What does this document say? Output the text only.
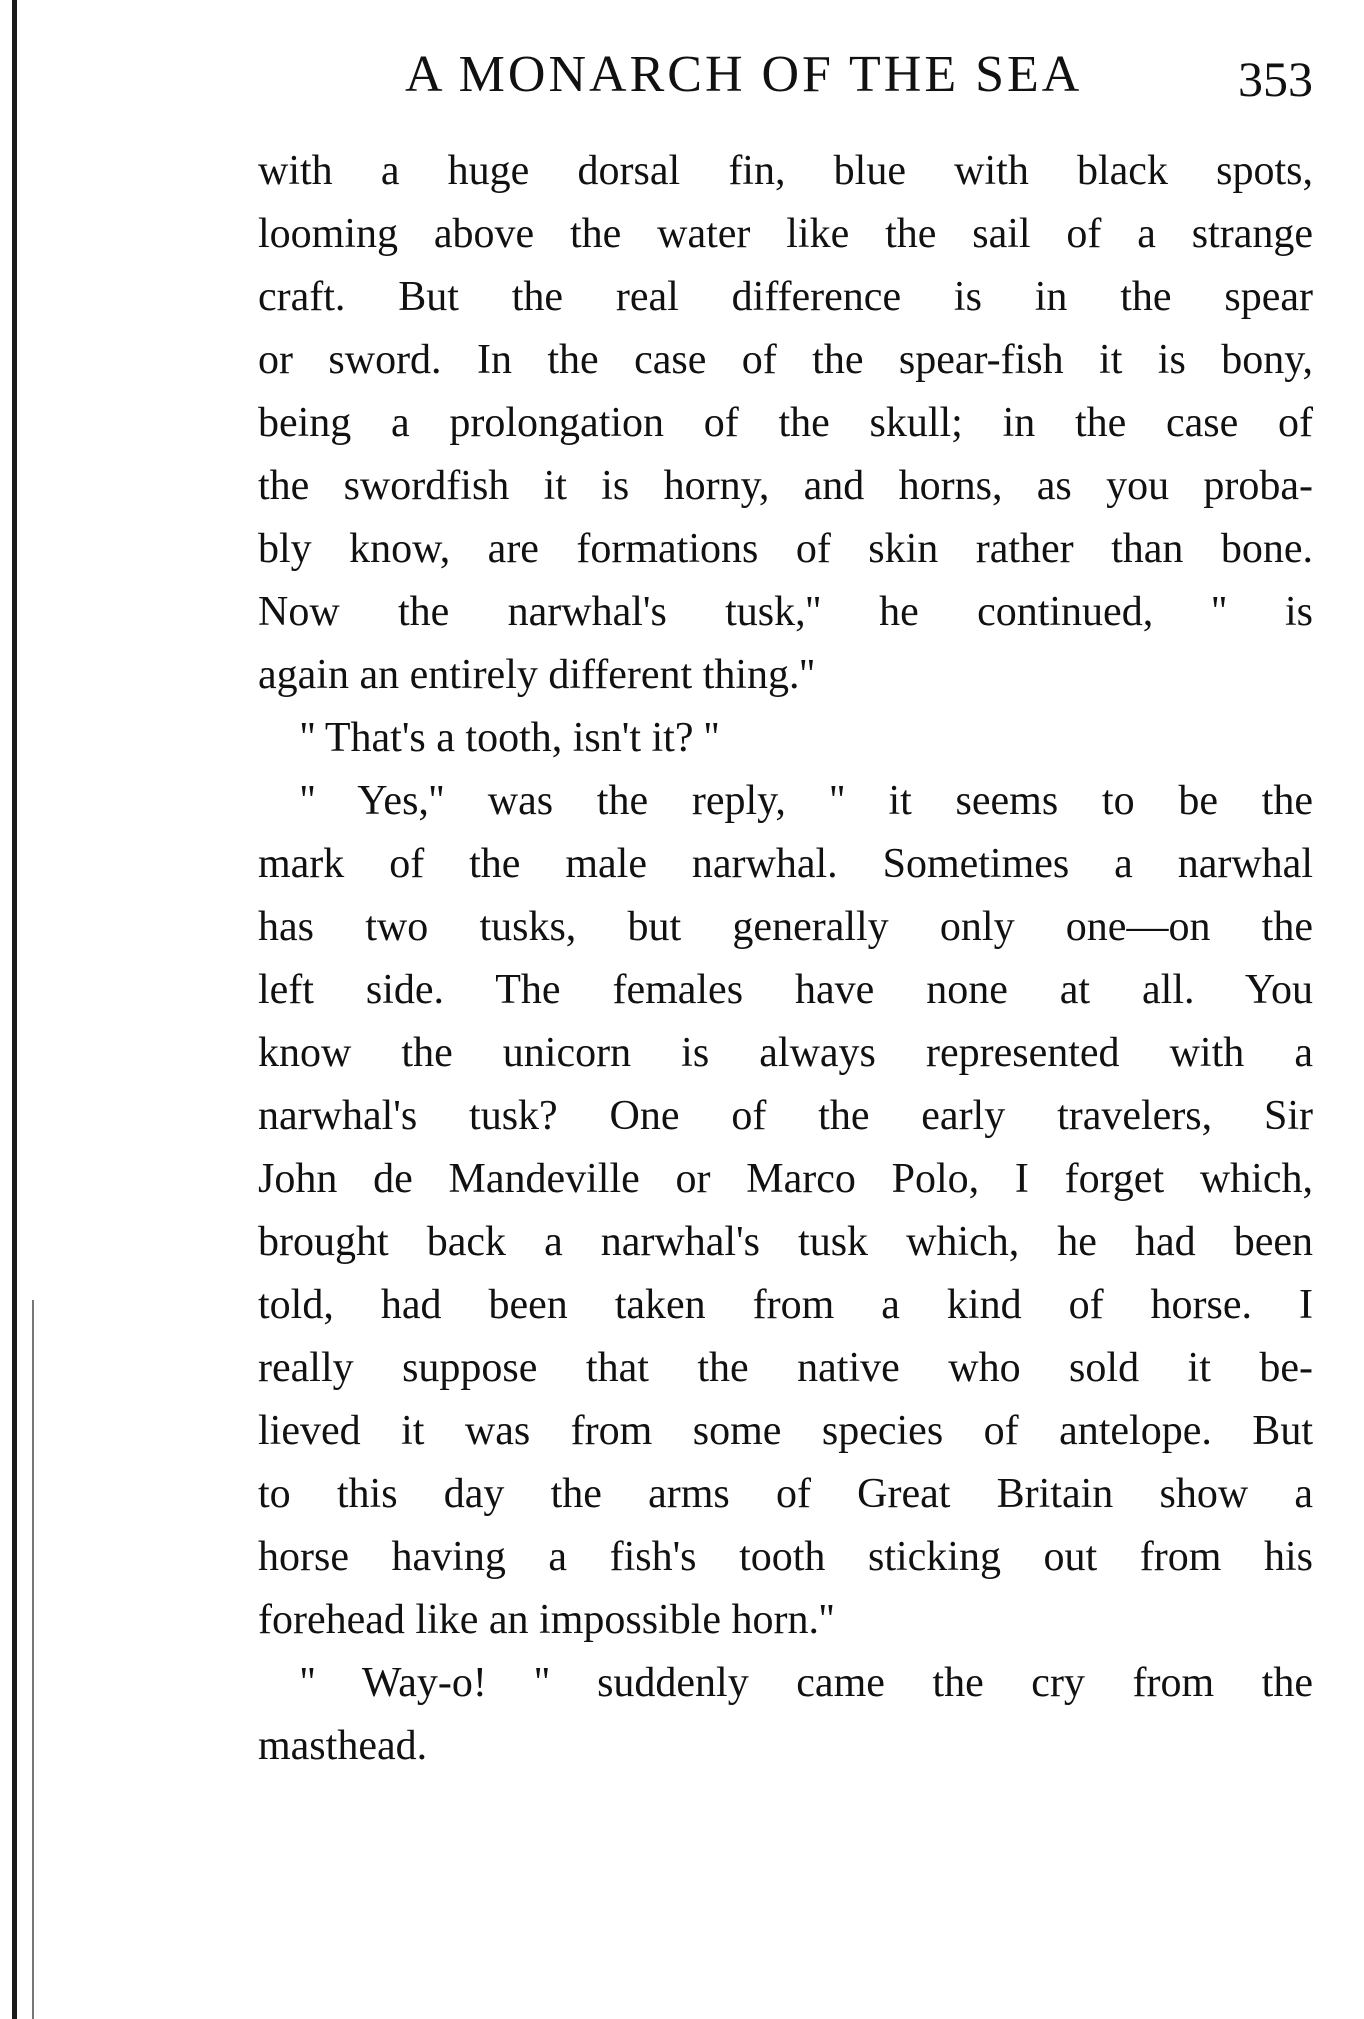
A MONARCH OF THE SEA	353
with a huge dorsal fin, blue with black spots,
looming above the water like the sail of a strange
craft. But the real difference is in the spear
or sword. In the case of the spear-fish it is bony,
being a prolongation of the skull; in the case of
the swordfish it is horny, and horns, as you proba-
bly know, are formations of skin rather than bone.
Now the narwhal's tusk,'' he continued, '' is
again an entirely different thing.''
'' That's a tooth, isn't it? ''
'' Yes,'' was the reply, '' it seems to be the
mark of the male narwhal. Sometimes a narwhal
has two tusks, but generally only one—on the
left side. The females have none at all. You
know the unicorn is always represented with a
narwhal's tusk? One of the early travelers, Sir
John de Mandeville or Marco Polo, I forget which,
brought back a narwhal's tusk which, he had been
told, had been taken from a kind of horse. I
really suppose that the native who sold it be-
lieved it was from some species of antelope. But
to this day the arms of Great Britain show a
horse having a fish's tooth sticking out from his
forehead like an impossible horn.''
'' Way-o! '' suddenly came the cry from the
masthead.
